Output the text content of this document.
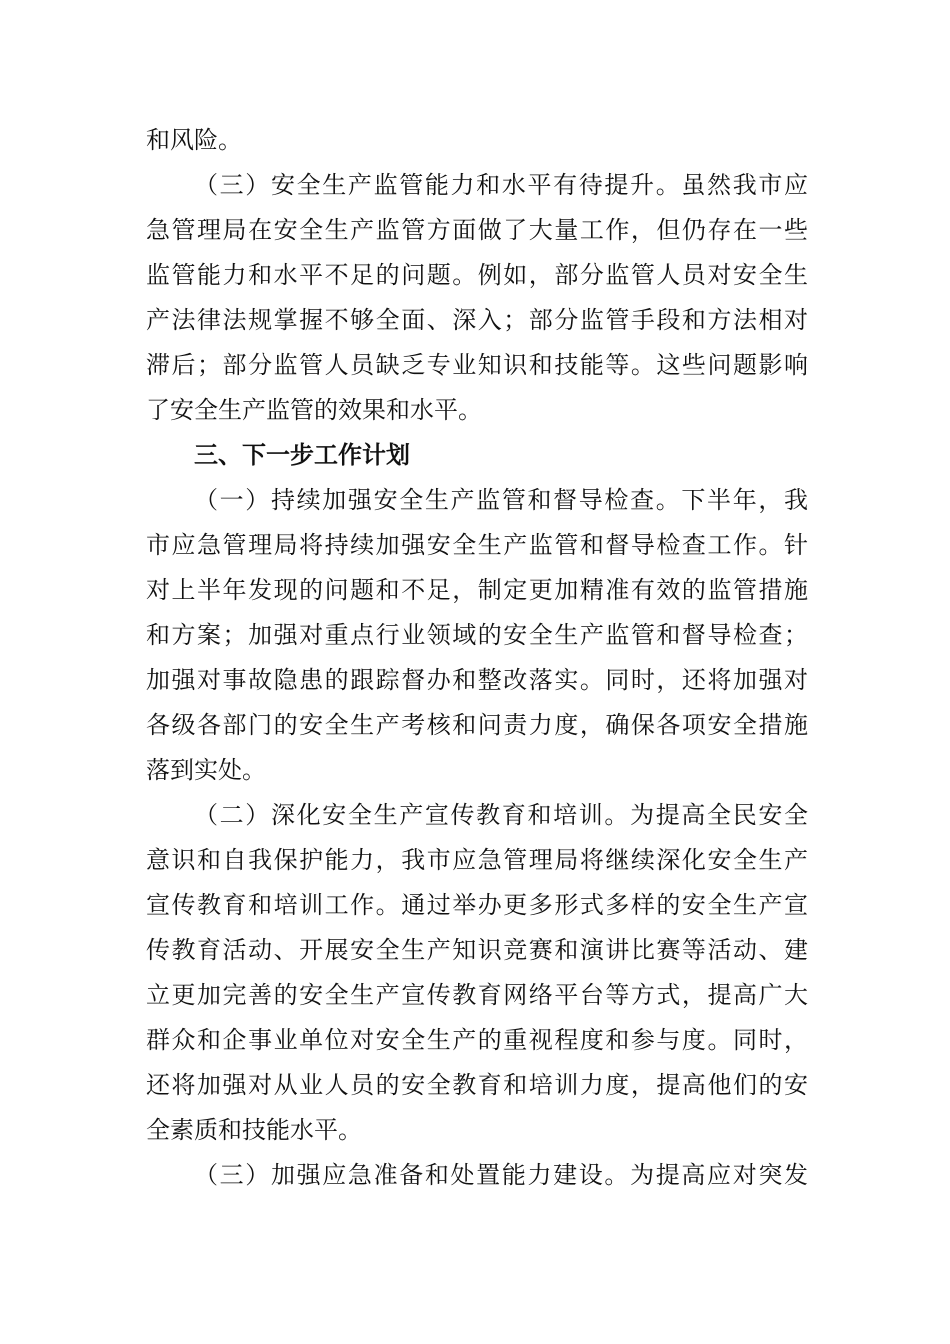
和风险。
（三）安全生产监管能力和水平有待提升。虽然我市应
急管理局在安全生产监管方面做了大量工作，但仍存在一些
监管能力和水平不足的问题。例如，部分监管人员对安全生
产法律法规掌握不够全面、深入；部分监管手段和方法相对
滞后；部分监管人员缺乏专业知识和技能等。这些问题影响
了安全生产监管的效果和水平。
三、下一步工作计划
（一）持续加强安全生产监管和督导检查。下半年，我
市应急管理局将持续加强安全生产监管和督导检查工作。针
对上半年发现的问题和不足，制定更加精准有效的监管措施
和方案；加强对重点行业领域的安全生产监管和督导检查；
加强对事故隐患的跟踪督办和整改落实。同时，还将加强对
各级各部门的安全生产考核和问责力度，确保各项安全措施
落到实处。
（二）深化安全生产宣传教育和培训。为提高全民安全
意识和自我保护能力，我市应急管理局将继续深化安全生产
宣传教育和培训工作。通过举办更多形式多样的安全生产宣
传教育活动、开展安全生产知识竞赛和演讲比赛等活动、建
立更加完善的安全生产宣传教育网络平台等方式，提高广大
群众和企事业单位对安全生产的重视程度和参与度。同时，
还将加强对从业人员的安全教育和培训力度，提高他们的安
全素质和技能水平。
（三）加强应急准备和处置能力建设。为提高应对突发
